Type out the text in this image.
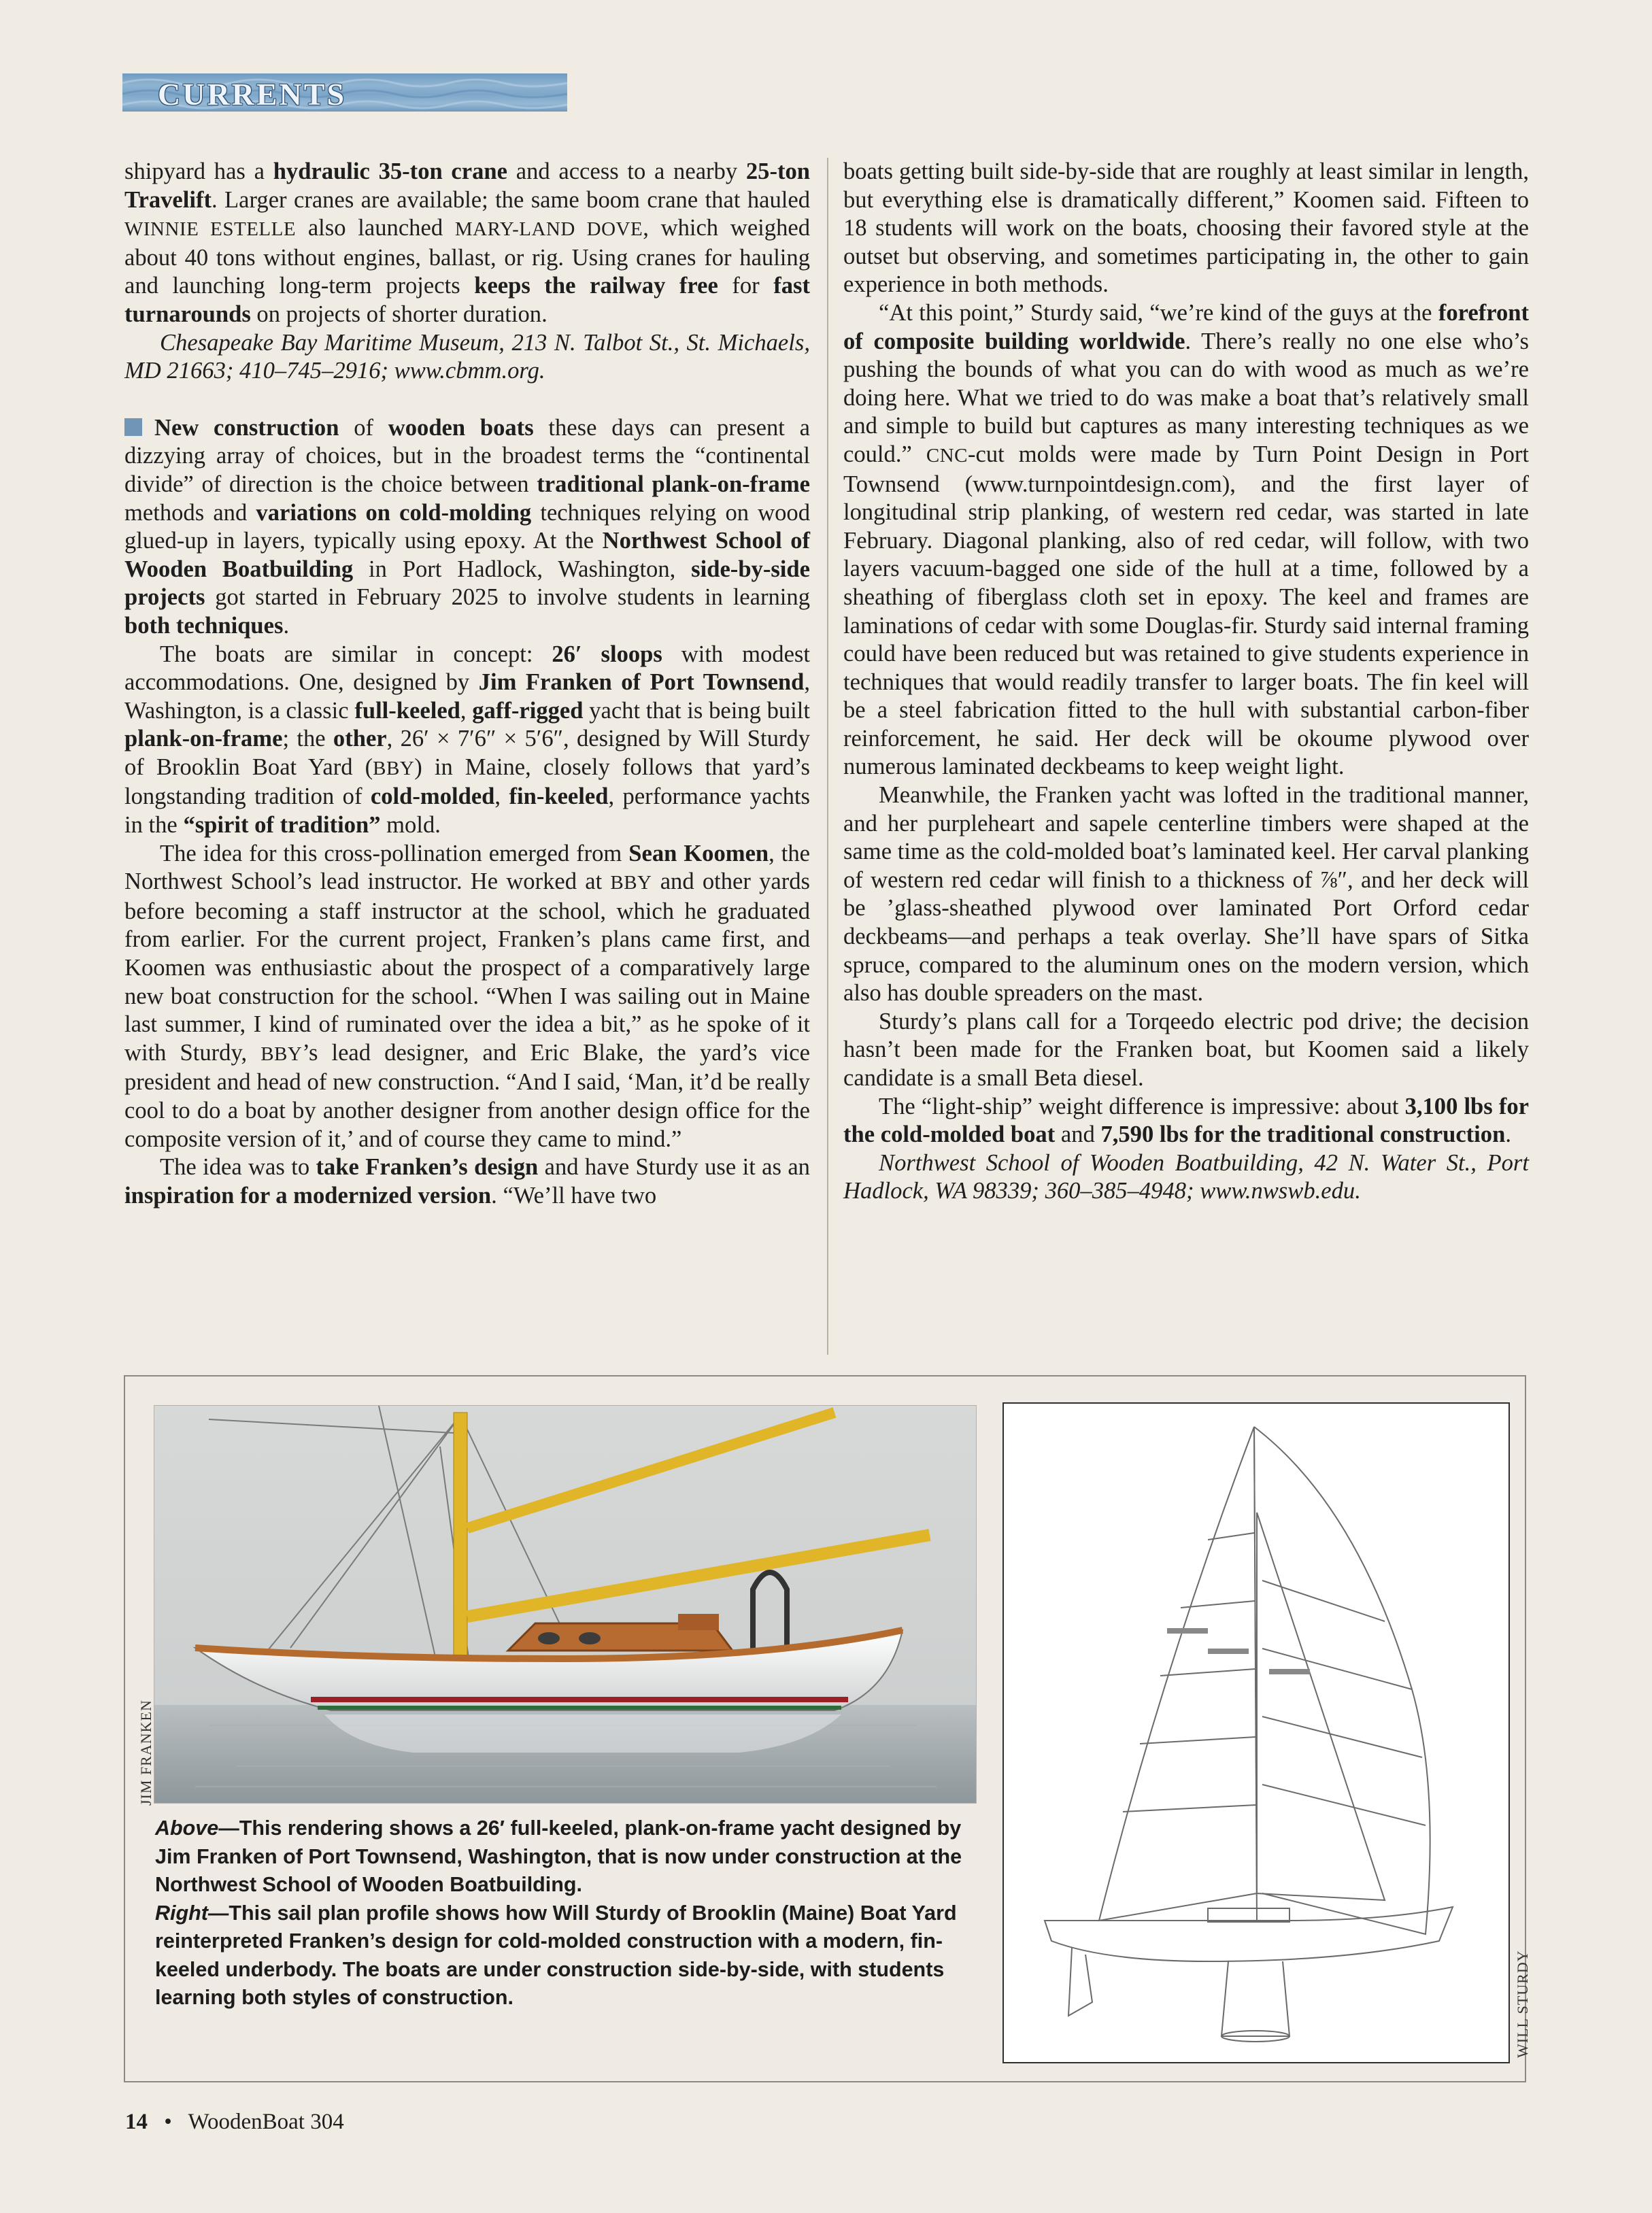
CURRENTS

shipyard has a hydraulic 35-ton crane and access to a nearby 25-ton Travelift. Larger cranes are available; the same boom crane that hauled WINNIE ESTELLE also launched MARY-LAND DOVE, which weighed about 40 tons without engines, ballast, or rig. Using cranes for hauling and launching long-term projects keeps the railway free for fast turnarounds on projects of shorter duration.

Chesapeake Bay Maritime Museum, 213 N. Talbot St., St. Michaels, MD 21663; 410–745–2916; www.cbmm.org.

New construction of wooden boats these days can present a dizzying array of choices, but in the broadest terms the “continental divide” of direction is the choice between traditional plank-on-frame methods and variations on cold-molding techniques relying on wood glued-up in layers, typically using epoxy. At the Northwest School of Wooden Boatbuilding in Port Hadlock, Washington, side-by-side projects got started in February 2025 to involve students in learning both techniques.

The boats are similar in concept: 26′ sloops with modest accommodations. One, designed by Jim Franken of Port Townsend, Washington, is a classic full-keeled, gaff-rigged yacht that is being built plank-on-frame; the other, 26′ × 7′6″ × 5′6″, designed by Will Sturdy of Brooklin Boat Yard (BBY) in Maine, closely follows that yard’s longstanding tradition of cold-molded, fin-keeled, performance yachts in the “spirit of tradition” mold.

The idea for this cross-pollination emerged from Sean Koomen, the Northwest School’s lead instructor. He worked at BBY and other yards before becoming a staff instructor at the school, which he graduated from earlier. For the current project, Franken’s plans came first, and Koomen was enthusiastic about the prospect of a comparatively large new boat construction for the school. “When I was sailing out in Maine last summer, I kind of ruminated over the idea a bit,” as he spoke of it with Sturdy, BBY’s lead designer, and Eric Blake, the yard’s vice president and head of new construction. “And I said, ‘Man, it’d be really cool to do a boat by another designer from another design office for the composite version of it,’ and of course they came to mind.”

The idea was to take Franken’s design and have Sturdy use it as an inspiration for a modernized version. “We’ll have two

boats getting built side-by-side that are roughly at least similar in length, but everything else is dramatically different,” Koomen said. Fifteen to 18 students will work on the boats, choosing their favored style at the outset but observing, and sometimes participating in, the other to gain experience in both methods.

“At this point,” Sturdy said, “we’re kind of the guys at the forefront of composite building worldwide. There’s really no one else who’s pushing the bounds of what you can do with wood as much as we’re doing here. What we tried to do was make a boat that’s relatively small and simple to build but captures as many interesting techniques as we could.” CNC-cut molds were made by Turn Point Design in Port Townsend (www.turnpointdesign.com), and the first layer of longitudinal strip planking, of western red cedar, was started in late February. Diagonal planking, also of red cedar, will follow, with two layers vacuum-bagged one side of the hull at a time, followed by a sheathing of fiberglass cloth set in epoxy. The keel and frames are laminations of cedar with some Douglas-fir. Sturdy said internal framing could have been reduced but was retained to give students experience in techniques that would readily transfer to larger boats. The fin keel will be a steel fabrication fitted to the hull with substantial carbon-fiber reinforcement, he said. Her deck will be okoume plywood over numerous laminated deckbeams to keep weight light.

Meanwhile, the Franken yacht was lofted in the traditional manner, and her purpleheart and sapele centerline timbers were shaped at the same time as the cold-molded boat’s laminated keel. Her carval planking of western red cedar will finish to a thickness of ⅞″, and her deck will be ’glass-sheathed plywood over laminated Port Orford cedar deckbeams—and perhaps a teak overlay. She’ll have spars of Sitka spruce, compared to the aluminum ones on the modern version, which also has double spreaders on the mast.

Sturdy’s plans call for a Torqeedo electric pod drive; the decision hasn’t been made for the Franken boat, but Koomen said a likely candidate is a small Beta diesel.

The “light-ship” weight difference is impressive: about 3,100 lbs for the cold-molded boat and 7,590 lbs for the traditional construction.

Northwest School of Wooden Boatbuilding, 42 N. Water St., Port Hadlock, WA 98339; 360–385–4948; www.nwswb.edu.

JIM FRANKEN

Above—This rendering shows a 26′ full-keeled, plank-on-frame yacht designed by Jim Franken of Port Townsend, Washington, that is now under construction at the Northwest School of Wooden Boatbuilding.

Right—This sail plan profile shows how Will Sturdy of Brooklin (Maine) Boat Yard reinterpreted Franken’s design for cold-molded construction with a modern, fin-keeled underbody. The boats are under construction side-by-side, with students learning both styles of construction.	WILL STURDY
14 • WoodenBoat 304
